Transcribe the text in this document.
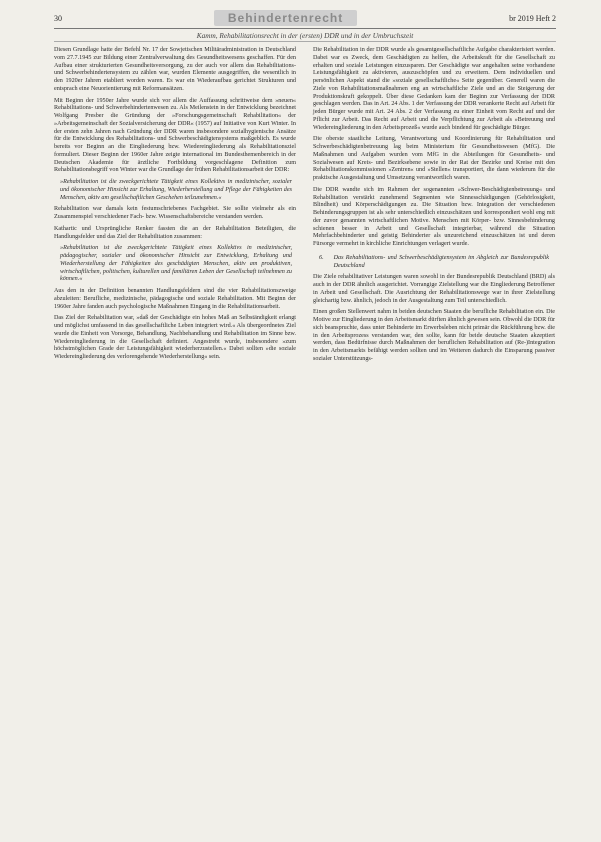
30	Behindertenrecht	br 2019 Heft 2
Kamm, Rehabilitationsrecht in der (ersten) DDR und in der Umbruchszeit

Diesen Grundlage hatte der Befehl Nr. 17 der Sowjetischen Militäradministration in Deutschland vom 27.7.1945 zur Bildung einer Zentralverwaltung des Gesundheitswesens geschaffen. Für den Aufbau einer strukturierten Gesundheitsversorgung, zu der auch vor allem das Rehabilitations- und Schwerbehindertensystem zu zählen war, wurden Elemente ausgegriffen, die wesentlich in den 1920er Jahren etabliert worden waren. Es war ein Wiederaufbau gerichtet Strukturen und entsprach eine Neuorientierung mit Reformansätzen.

Mit Beginn der 1950er Jahre wurde sich vor allem die Auffassung schrittweise dem »neuen« Rehabilitations- und Schwerbehindertenwesen zu. Als Meilenstein in der Entwicklung bezeichnet Wolfgang Presber die Gründung der »Forschungsgemeinschaft Rehabilitation« der »Arbeitsgemeinschaft der Sozialversicherung der DDR« (1957) auf Initiative von Kurt Winter. In der ersten zehn Jahren nach Gründung der DDR waren insbesondere sozialhygienische Ansätze für die Entwicklung des Rehabilitations- und Schwerbeschädigtensystems maßgeblich. Es wurde bereits vor Beginn an die Eingliederung bzw. Wiedereingliederung als Rehabilitationsziel formuliert. Dieser Beginn der 1960er Jahre zeigte international im Bundesthemenbereich in der Deutschen Akademie für ärztliche Fortbildung vorgeschlagene Definition zum Rehabilitationsbegriff von Winter war die Grundlage der frühen Rehabilitationsarbeit der DDR:

»Rehabilitation ist die zweckgerichtete Tätigkeit eines Kollektivs in medizinischer, sozialer und ökonomischer Hinsicht zur Erhaltung, Wiederherstellung und Pflege der Fähigkeiten des Menschen, aktiv am gesellschaftlichen Geschehen teilzunehmen.«

Rehabilitation war damals kein festumschriebenes Fachgebiet. Sie sollte vielmehr als ein Zusammenspiel verschiedener Fach- bzw. Wissenschaftsbereiche verstanden werden.

Kathartic und Ursprüngliche Renker fassten die an der Rehabilitation Beteiligten, die Handlungsfelder und das Ziel der Rehabilitation zusammen:

»Rehabilitation ist die zweckgerichtete Tätigkeit eines Kollektivs in medizinischer, pädagogischer, sozialer und ökonomischer Hinsicht zur Entwicklung, Erhaltung und Wiederherstellung der Fähigkeiten des geschädigten Menschen, aktiv am produktiven, wirtschaftlichen, politischen, kulturellen und familiären Leben der Gesellschaft teilnehmen zu können.«

Aus den in der Definition benannten Handlungsfeldern sind die vier Rehabilitationszweige abzuleiten: Berufliche, medizinische, pädagogische und soziale Rehabilitation. Mit Beginn der 1960er Jahre fanden auch psychologische Maßnahmen Eingang in die Rehabilitationsarbeit.

Das Ziel der Rehabilitation war, »daß der Geschädigte ein hohes Maß an Selbständigkeit erlangt und möglichst umfassend in das gesellschaftliche Leben integriert wird.« Als übergeordnetes Ziel wurde die Einheit von Vorsorge, Behandlung, Nachbehandlung und Rehabilitation im Sinne bzw. Wiedereingliederung in die Gesellschaft definiert. Angestrebt wurde, insbesondere »zum höchstmöglichen Grade der Leistungsfähigkeit wiederherzustellen.« Dabei sollten »die soziale Wiedereingliederung des verlorengehende Wiederherstellung« sein.

Die Rehabilitation in der DDR wurde als gesamtgesellschaftliche Aufgabe charakterisiert werden. Dabei war es Zweck, dem Geschädigten zu helfen, die Arbeitskraft für die Gesellschaft zu erhalten und soziale Leistungen einzusparen. Der Geschädigte war angehalten seine vorhandene Leistungsfähigkeit zu aktivieren, auszuschöpfen und zu erweitern. Dem individuellen und persönlichen Aspekt stand die »soziale gesellschaftliche« Seite gegenüber. Generell waren die Ziele von Rehabilitationsmaßnahmen eng an wirtschaftliche Ziele und an die Steigerung der Produktionskraft gekoppelt. Über diese Gedanken kam der Beginn zur Verfassung der DDR geschlagen werden. Das in Art. 24 Abs. 1 der Verfassung der DDR verankerte Recht auf Arbeit für jeden Bürger wurde mit Art. 24 Abs. 2 der Verfassung zu einer Einheit vom Recht auf und der Pflicht zur Arbeit. Das Recht auf Arbeit und die Verpflichtung zur Arbeit als »Betreuung und Wiedereingliederung in den Arbeitsprozeß« wurde auch bindend für geschädigte Bürger.

Die oberste staatliche Leitung, Verantwortung und Koordinierung für Rehabilitation und Schwerbeschädigtenbetreuung lag beim Ministerium für Gesundheitswesen (MfG). Die Maßnahmen und Aufgaben wurden vom MfG in die Abteilungen für Gesundheits- und Sozialwesen auf Kreis- und Bezirksebene sowie in der Rat der Bezirke und Kreise mit den Rehabilitationskommissionen »Zentren« und »Stellen« transportiert, die dann wiederum für die praktische Ausgestaltung und Umsetzung verantwortlich waren.

Die DDR wandte sich im Rahmen der sogenannten »Schwer-Beschädigtenbetreuung« und Rehabilitation verstärkt zunehmend Segmenten wie Sinnesschädigungen (Gehörlosigkeit, Blindheit) und Körperschädigungen zu. Die Situation bzw. Integration der verschiedenen Behinderungsgruppen ist als sehr unterschiedlich einzuschätzen und korrespondiert wohl eng mit der zuvor genannten wirtschaftlichen Motive. Menschen mit Körper- bzw. Sinnesbehinderung schienen besser in Arbeit und Gesellschaft integrierbar, während die Situation Mehrfachbehinderter und geistig Behinderter als unzureichend einzuschätzen ist und deren Fürsorge vermehrt in kirchliche Einrichtungen verlagert wurde.

6. Das Rehabilitations- und Schwerbeschädigtensystem im Abgleich zur Bundesrepublik Deutschland

Die Ziele rehabilitativer Leistungen waren sowohl in der Bundesrepublik Deutschland (BRD) als auch in der DDR ähnlich ausgerichtet. Vorrangige Zielstellung war die Eingliederung Betroffener in Arbeit und Gesellschaft. Die Ausrichtung der Rehabilitationswege war in ihrer Zielstellung gleichartig bzw. ähnlich, jedoch in der Ausgestaltung zum Teil unterschiedlich.

Einen großen Stellenwert nahm in beiden deutschen Staaten die berufliche Rehabilitation ein. Die Motive zur Eingliederung in den Arbeitsmarkt dürften ähnlich gewesen sein. Obwohl die DDR für sich beanspruchte, dass unter Behinderte im Erwerbsleben nicht primär die Rückführung bzw. die in den Arbeitsprozess verstanden war, den sollte, kann für beide deutsche Staaten akzeptiert werden, dass Bedürfnisse durch Maßnahmen der beruflichen Rehabilitation auf (Re-)Integration in den Arbeitsmarkts befähigt werden sollten und im Weiteren dadurch die Einsparung passiver sozialer Unterstützungs-
